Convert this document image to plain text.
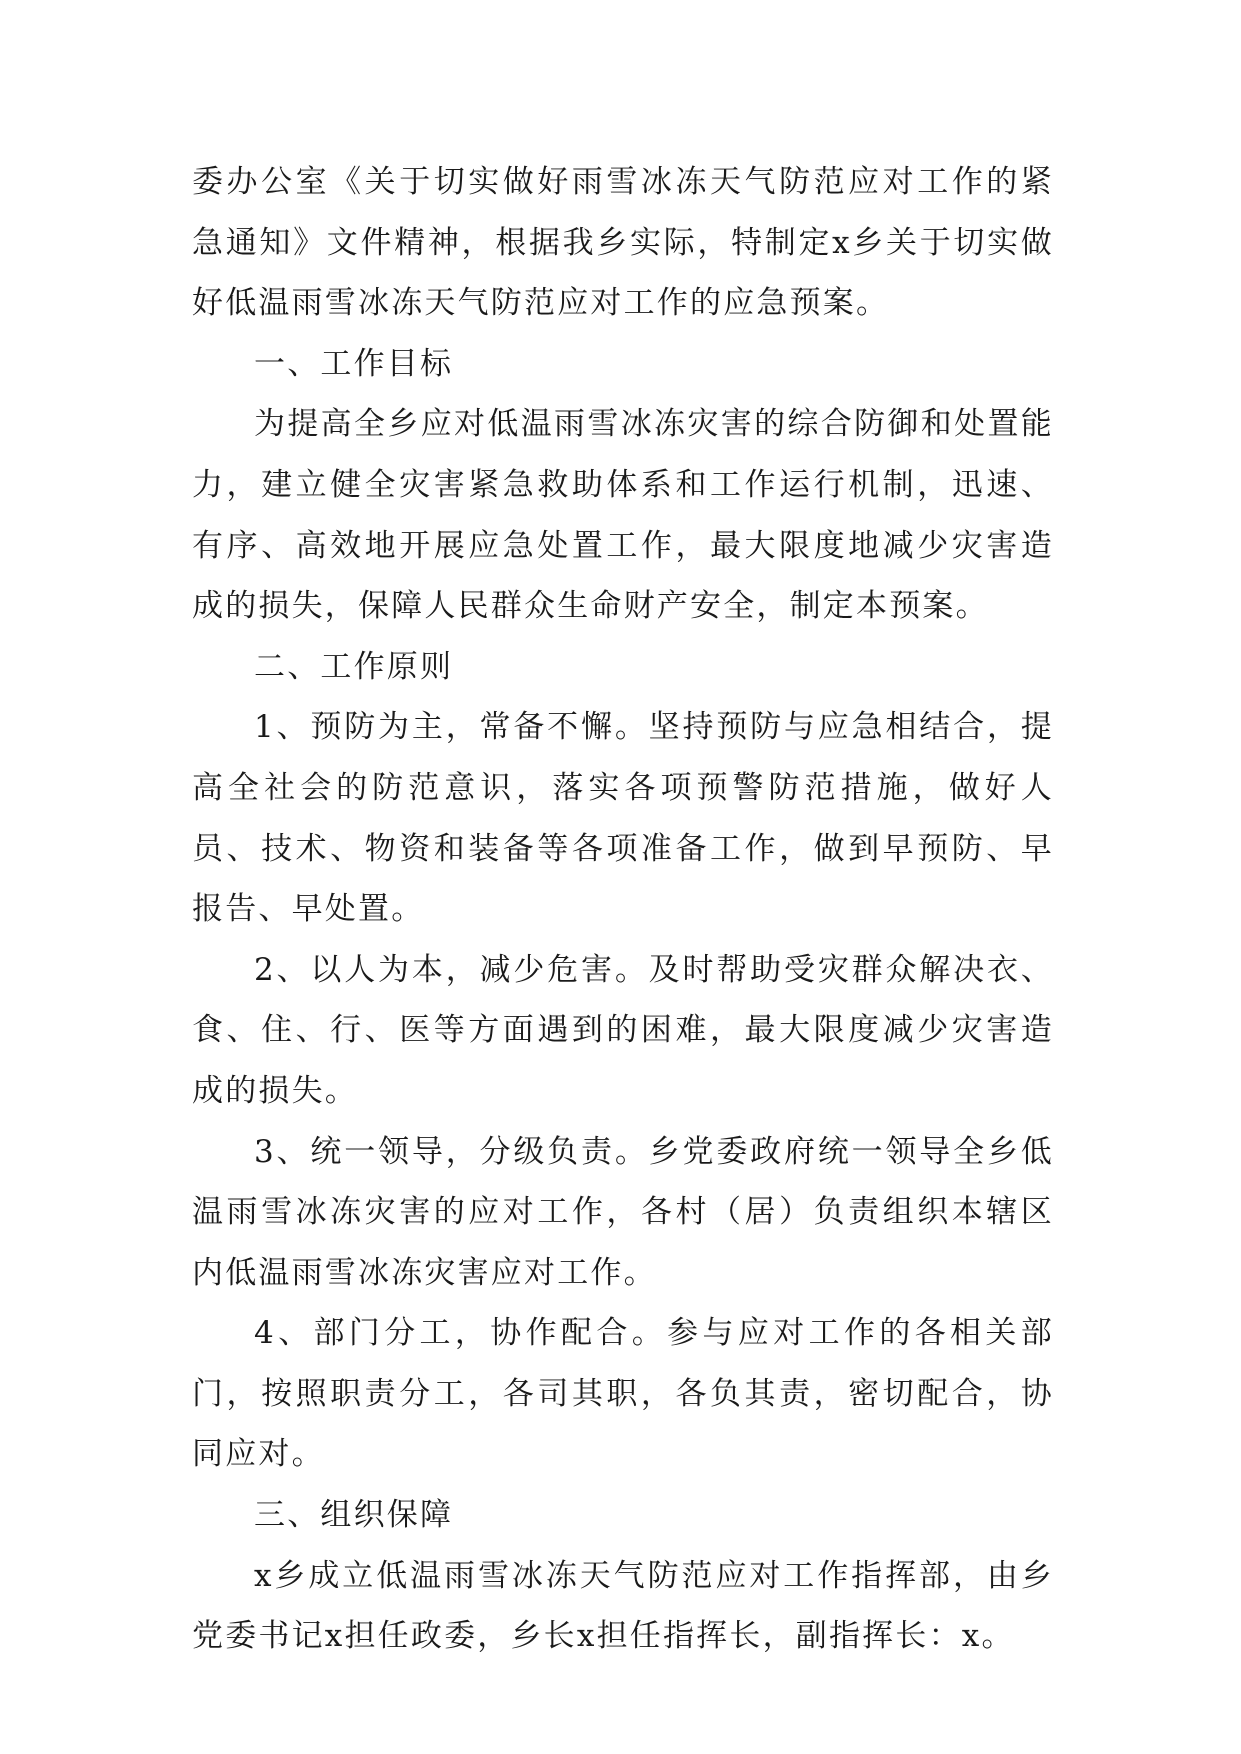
委办公室《关于切实做好雨雪冰冻天气防范应对工作的紧急通知》文件精神，根据我乡实际，特制定x乡关于切实做好低温雨雪冰冻天气防范应对工作的应急预案。

一、工作目标

为提高全乡应对低温雨雪冰冻灾害的综合防御和处置能力，建立健全灾害紧急救助体系和工作运行机制，迅速、有序、高效地开展应急处置工作，最大限度地减少灾害造成的损失，保障人民群众生命财产安全，制定本预案。

二、工作原则

1、预防为主，常备不懈。坚持预防与应急相结合，提高全社会的防范意识，落实各项预警防范措施，做好人员、技术、物资和装备等各项准备工作，做到早预防、早报告、早处置。

2、以人为本，减少危害。及时帮助受灾群众解决衣、食、住、行、医等方面遇到的困难，最大限度减少灾害造成的损失。

3、统一领导，分级负责。乡党委政府统一领导全乡低温雨雪冰冻灾害的应对工作，各村（居）负责组织本辖区内低温雨雪冰冻灾害应对工作。

4、部门分工，协作配合。参与应对工作的各相关部门，按照职责分工，各司其职，各负其责，密切配合，协同应对。

三、组织保障

x乡成立低温雨雪冰冻天气防范应对工作指挥部，由乡党委书记x担任政委，乡长x担任指挥长，副指挥长：x。
